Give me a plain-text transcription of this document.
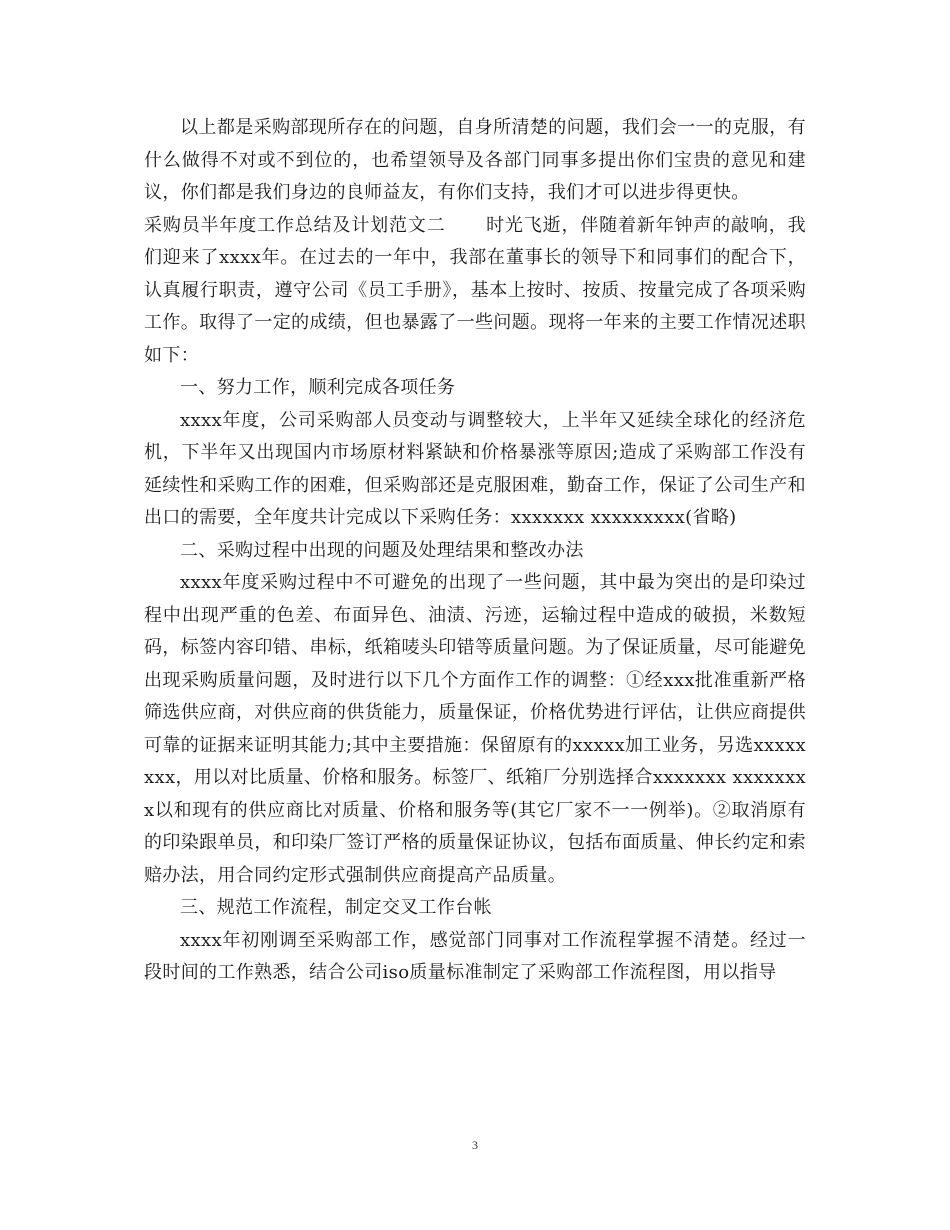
以上都是采购部现所存在的问题，自身所清楚的问题，我们会一一的克服，有什么做得不对或不到位的，也希望领导及各部门同事多提出你们宝贵的意见和建议，你们都是我们身边的良师益友，有你们支持，我们才可以进步得更快。

采购员半年度工作总结及计划范文二 时光飞逝，伴随着新年钟声的敲响，我们迎来了xxxx年。在过去的一年中，我部在董事长的领导下和同事们的配合下，认真履行职责，遵守公司《员工手册》，基本上按时、按质、按量完成了各项采购工作。取得了一定的成绩，但也暴露了一些问题。现将一年来的主要工作情况述职如下：

一、努力工作，顺利完成各项任务

xxxx年度，公司采购部人员变动与调整较大，上半年又延续全球化的经济危机，下半年又出现国内市场原材料紧缺和价格暴涨等原因;造成了采购部工作没有延续性和采购工作的困难，但采购部还是克服困难，勤奋工作，保证了公司生产和出口的需要，全年度共计完成以下采购任务：xxxxxxx xxxxxxxxx(省略)

二、采购过程中出现的问题及处理结果和整改办法

xxxx年度采购过程中不可避免的出现了一些问题，其中最为突出的是印染过程中出现严重的色差、布面异色、油渍、污迹，运输过程中造成的破损，米数短码，标签内容印错、串标，纸箱唛头印错等质量问题。为了保证质量，尽可能避免出现采购质量问题，及时进行以下几个方面作工作的调整：①经xxx批准重新严格筛选供应商，对供应商的供货能力，质量保证，价格优势进行评估，让供应商提供可靠的证据来证明其能力;其中主要措施：保留原有的xxxxx加工业务，另选xxxxxxxx，用以对比质量、价格和服务。标签厂、纸箱厂分别选择合xxxxxxx xxxxxxxx以和现有的供应商比对质量、价格和服务等(其它厂家不一一例举)。②取消原有的印染跟单员，和印染厂签订严格的质量保证协议，包括布面质量、伸长约定和索赔办法，用合同约定形式强制供应商提高产品质量。

三、规范工作流程，制定交叉工作台帐

xxxx年初刚调至采购部工作，感觉部门同事对工作流程掌握不清楚。经过一段时间的工作熟悉，结合公司iso质量标准制定了采购部工作流程图，用以指导

3
